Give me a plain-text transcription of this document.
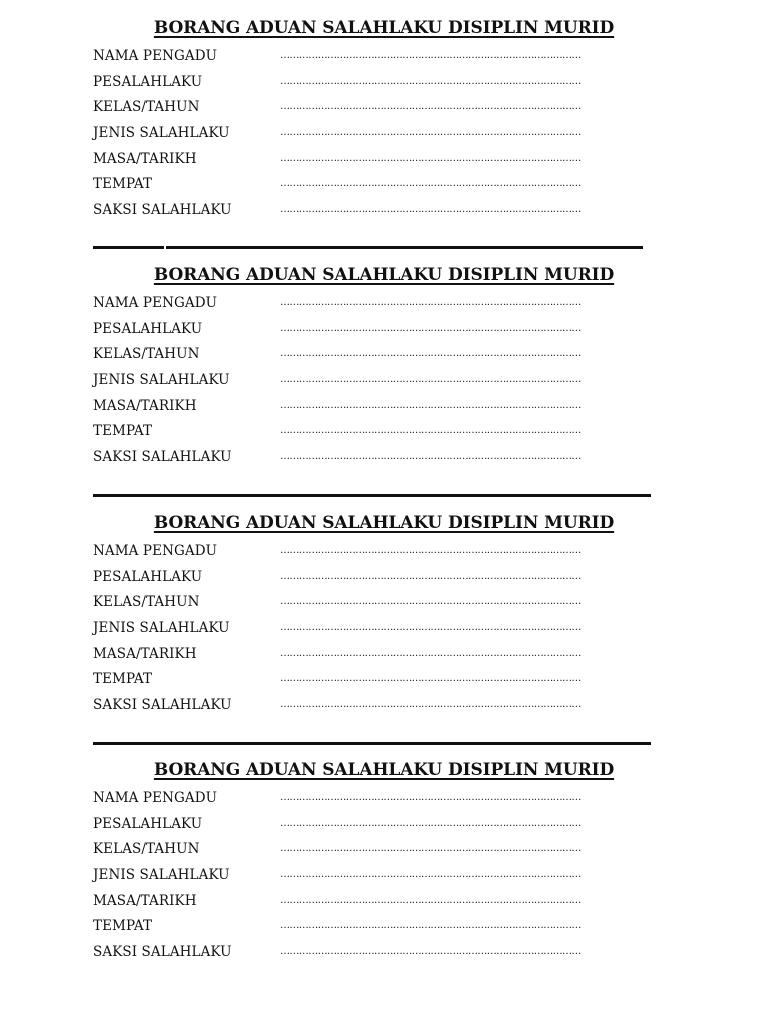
BORANG ADUAN SALAHLAKU DISIPLIN MURID
NAMA PENGADU	……………………………………………………………………………………
PESALAHLAKU	……………………………………………………………………………………
KELAS/TAHUN	……………………………………………………………………………………
JENIS SALAHLAKU	……………………………………………………………………………………
MASA/TARIKH	……………………………………………………………………………………
TEMPAT	……………………………………………………………………………………
SAKSI SALAHLAKU	……………………………………………………………………………………
BORANG ADUAN SALAHLAKU DISIPLIN MURID
NAMA PENGADU	……………………………………………………………………………………
PESALAHLAKU	……………………………………………………………………………………
KELAS/TAHUN	……………………………………………………………………………………
JENIS SALAHLAKU	……………………………………………………………………………………
MASA/TARIKH	……………………………………………………………………………………
TEMPAT	……………………………………………………………………………………
SAKSI SALAHLAKU	……………………………………………………………………………………
BORANG ADUAN SALAHLAKU DISIPLIN MURID
NAMA PENGADU	……………………………………………………………………………………
PESALAHLAKU	……………………………………………………………………………………
KELAS/TAHUN	……………………………………………………………………………………
JENIS SALAHLAKU	……………………………………………………………………………………
MASA/TARIKH	……………………………………………………………………………………
TEMPAT	……………………………………………………………………………………
SAKSI SALAHLAKU	……………………………………………………………………………………
BORANG ADUAN SALAHLAKU DISIPLIN MURID
NAMA PENGADU	……………………………………………………………………………………
PESALAHLAKU	……………………………………………………………………………………
KELAS/TAHUN	……………………………………………………………………………………
JENIS SALAHLAKU	……………………………………………………………………………………
MASA/TARIKH	……………………………………………………………………………………
TEMPAT	……………………………………………………………………………………
SAKSI SALAHLAKU	……………………………………………………………………………………
